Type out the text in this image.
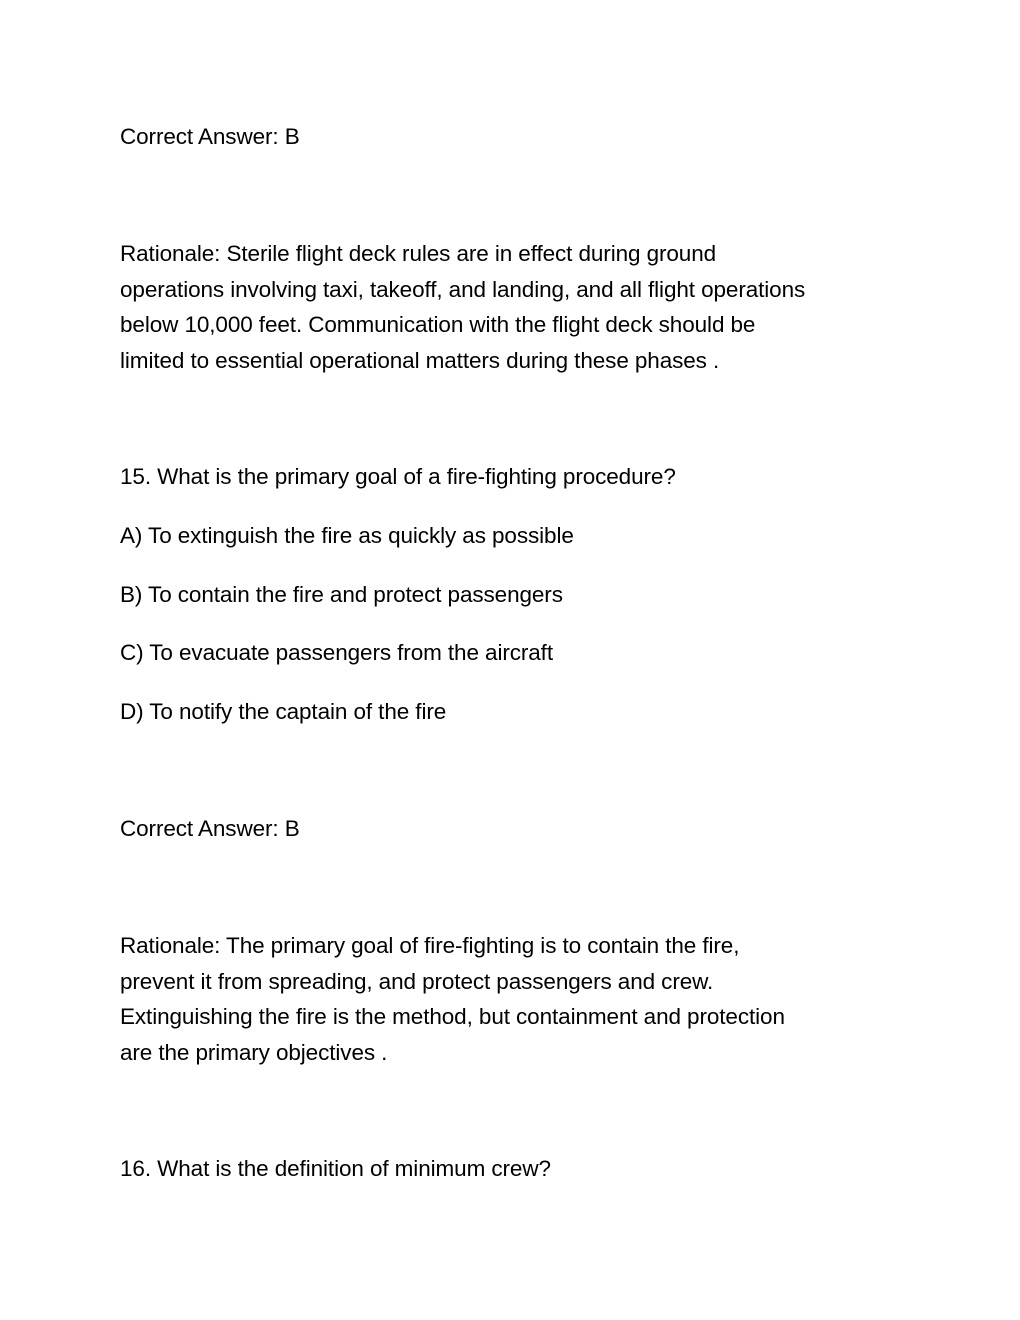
Correct Answer: B

Rationale: Sterile flight deck rules are in effect during ground

operations involving taxi, takeoff, and landing, and all flight operations

below 10,000 feet. Communication with the flight deck should be

limited to essential operational matters during these phases .

15. What is the primary goal of a fire-fighting procedure?

A) To extinguish the fire as quickly as possible

B) To contain the fire and protect passengers

C) To evacuate passengers from the aircraft

D) To notify the captain of the fire

Correct Answer: B

Rationale: The primary goal of fire-fighting is to contain the fire,

prevent it from spreading, and protect passengers and crew.

Extinguishing the fire is the method, but containment and protection

are the primary objectives .

16. What is the definition of minimum crew?
